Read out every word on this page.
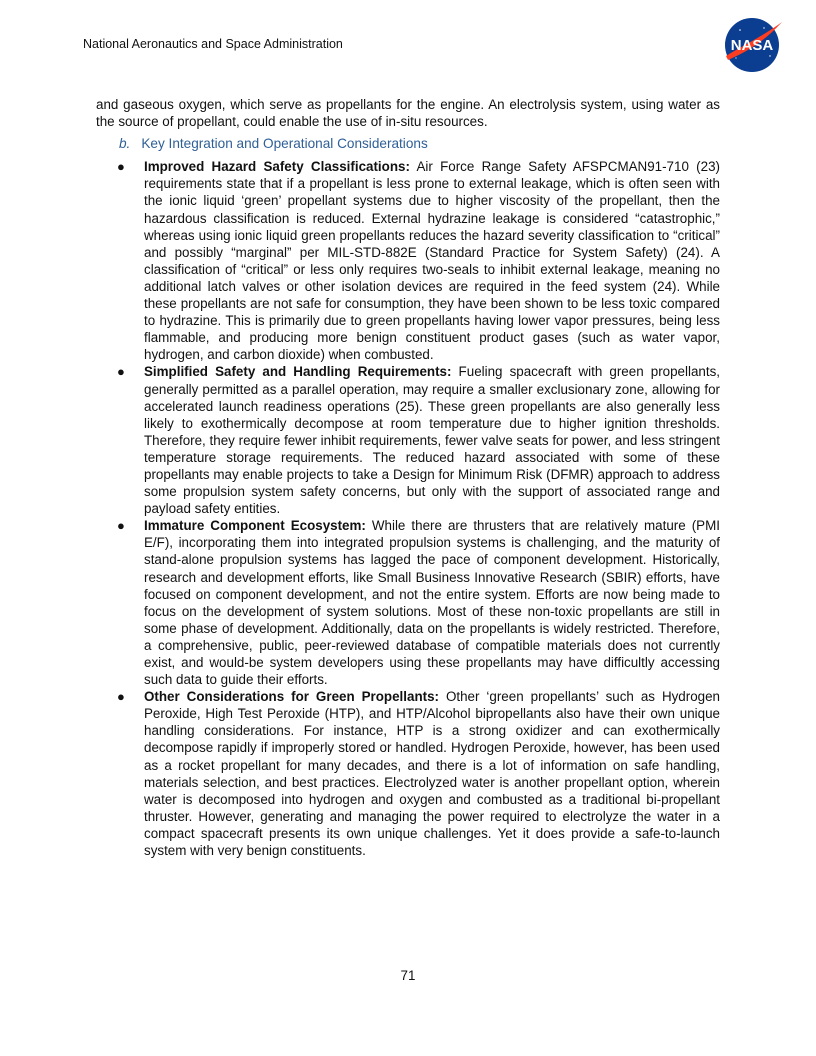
National Aeronautics and Space Administration	NASA

and gaseous oxygen, which serve as propellants for the engine. An electrolysis system, using water as the source of propellant, could enable the use of in-situ resources.

b. Key Integration and Operational Considerations
● Improved Hazard Safety Classifications: Air Force Range Safety AFSPCMAN91-710 (23) requirements state that if a propellant is less prone to external leakage, which is often seen with the ionic liquid ‘green’ propellant systems due to higher viscosity of the propellant, then the hazardous classification is reduced. External hydrazine leakage is considered “catastrophic,” whereas using ionic liquid green propellants reduces the hazard severity classification to “critical” and possibly “marginal” per MIL-STD-882E (Standard Practice for System Safety) (24). A classification of “critical” or less only requires two-seals to inhibit external leakage, meaning no additional latch valves or other isolation devices are required in the feed system (24). While these propellants are not safe for consumption, they have been shown to be less toxic compared to hydrazine. This is primarily due to green propellants having lower vapor pressures, being less flammable, and producing more benign constituent product gases (such as water vapor, hydrogen, and carbon dioxide) when combusted.
● Simplified Safety and Handling Requirements: Fueling spacecraft with green propellants, generally permitted as a parallel operation, may require a smaller exclusionary zone, allowing for accelerated launch readiness operations (25). These green propellants are also generally less likely to exothermically decompose at room temperature due to higher ignition thresholds. Therefore, they require fewer inhibit requirements, fewer valve seats for power, and less stringent temperature storage requirements. The reduced hazard associated with some of these propellants may enable projects to take a Design for Minimum Risk (DFMR) approach to address some propulsion system safety concerns, but only with the support of associated range and payload safety entities.
● Immature Component Ecosystem: While there are thrusters that are relatively mature (PMI E/F), incorporating them into integrated propulsion systems is challenging, and the maturity of stand-alone propulsion systems has lagged the pace of component development. Historically, research and development efforts, like Small Business Innovative Research (SBIR) efforts, have focused on component development, and not the entire system. Efforts are now being made to focus on the development of system solutions. Most of these non-toxic propellants are still in some phase of development. Additionally, data on the propellants is widely restricted. Therefore, a comprehensive, public, peer-reviewed database of compatible materials does not currently exist, and would-be system developers using these propellants may have difficultly accessing such data to guide their efforts.
● Other Considerations for Green Propellants: Other ‘green propellants’ such as Hydrogen Peroxide, High Test Peroxide (HTP), and HTP/Alcohol bipropellants also have their own unique handling considerations. For instance, HTP is a strong oxidizer and can exothermically decompose rapidly if improperly stored or handled. Hydrogen Peroxide, however, has been used as a rocket propellant for many decades, and there is a lot of information on safe handling, materials selection, and best practices. Electrolyzed water is another propellant option, wherein water is decomposed into hydrogen and oxygen and combusted as a traditional bi-propellant thruster. However, generating and managing the power required to electrolyze the water in a compact spacecraft presents its own unique challenges. Yet it does provide a safe-to-launch system with very benign constituents.
71
